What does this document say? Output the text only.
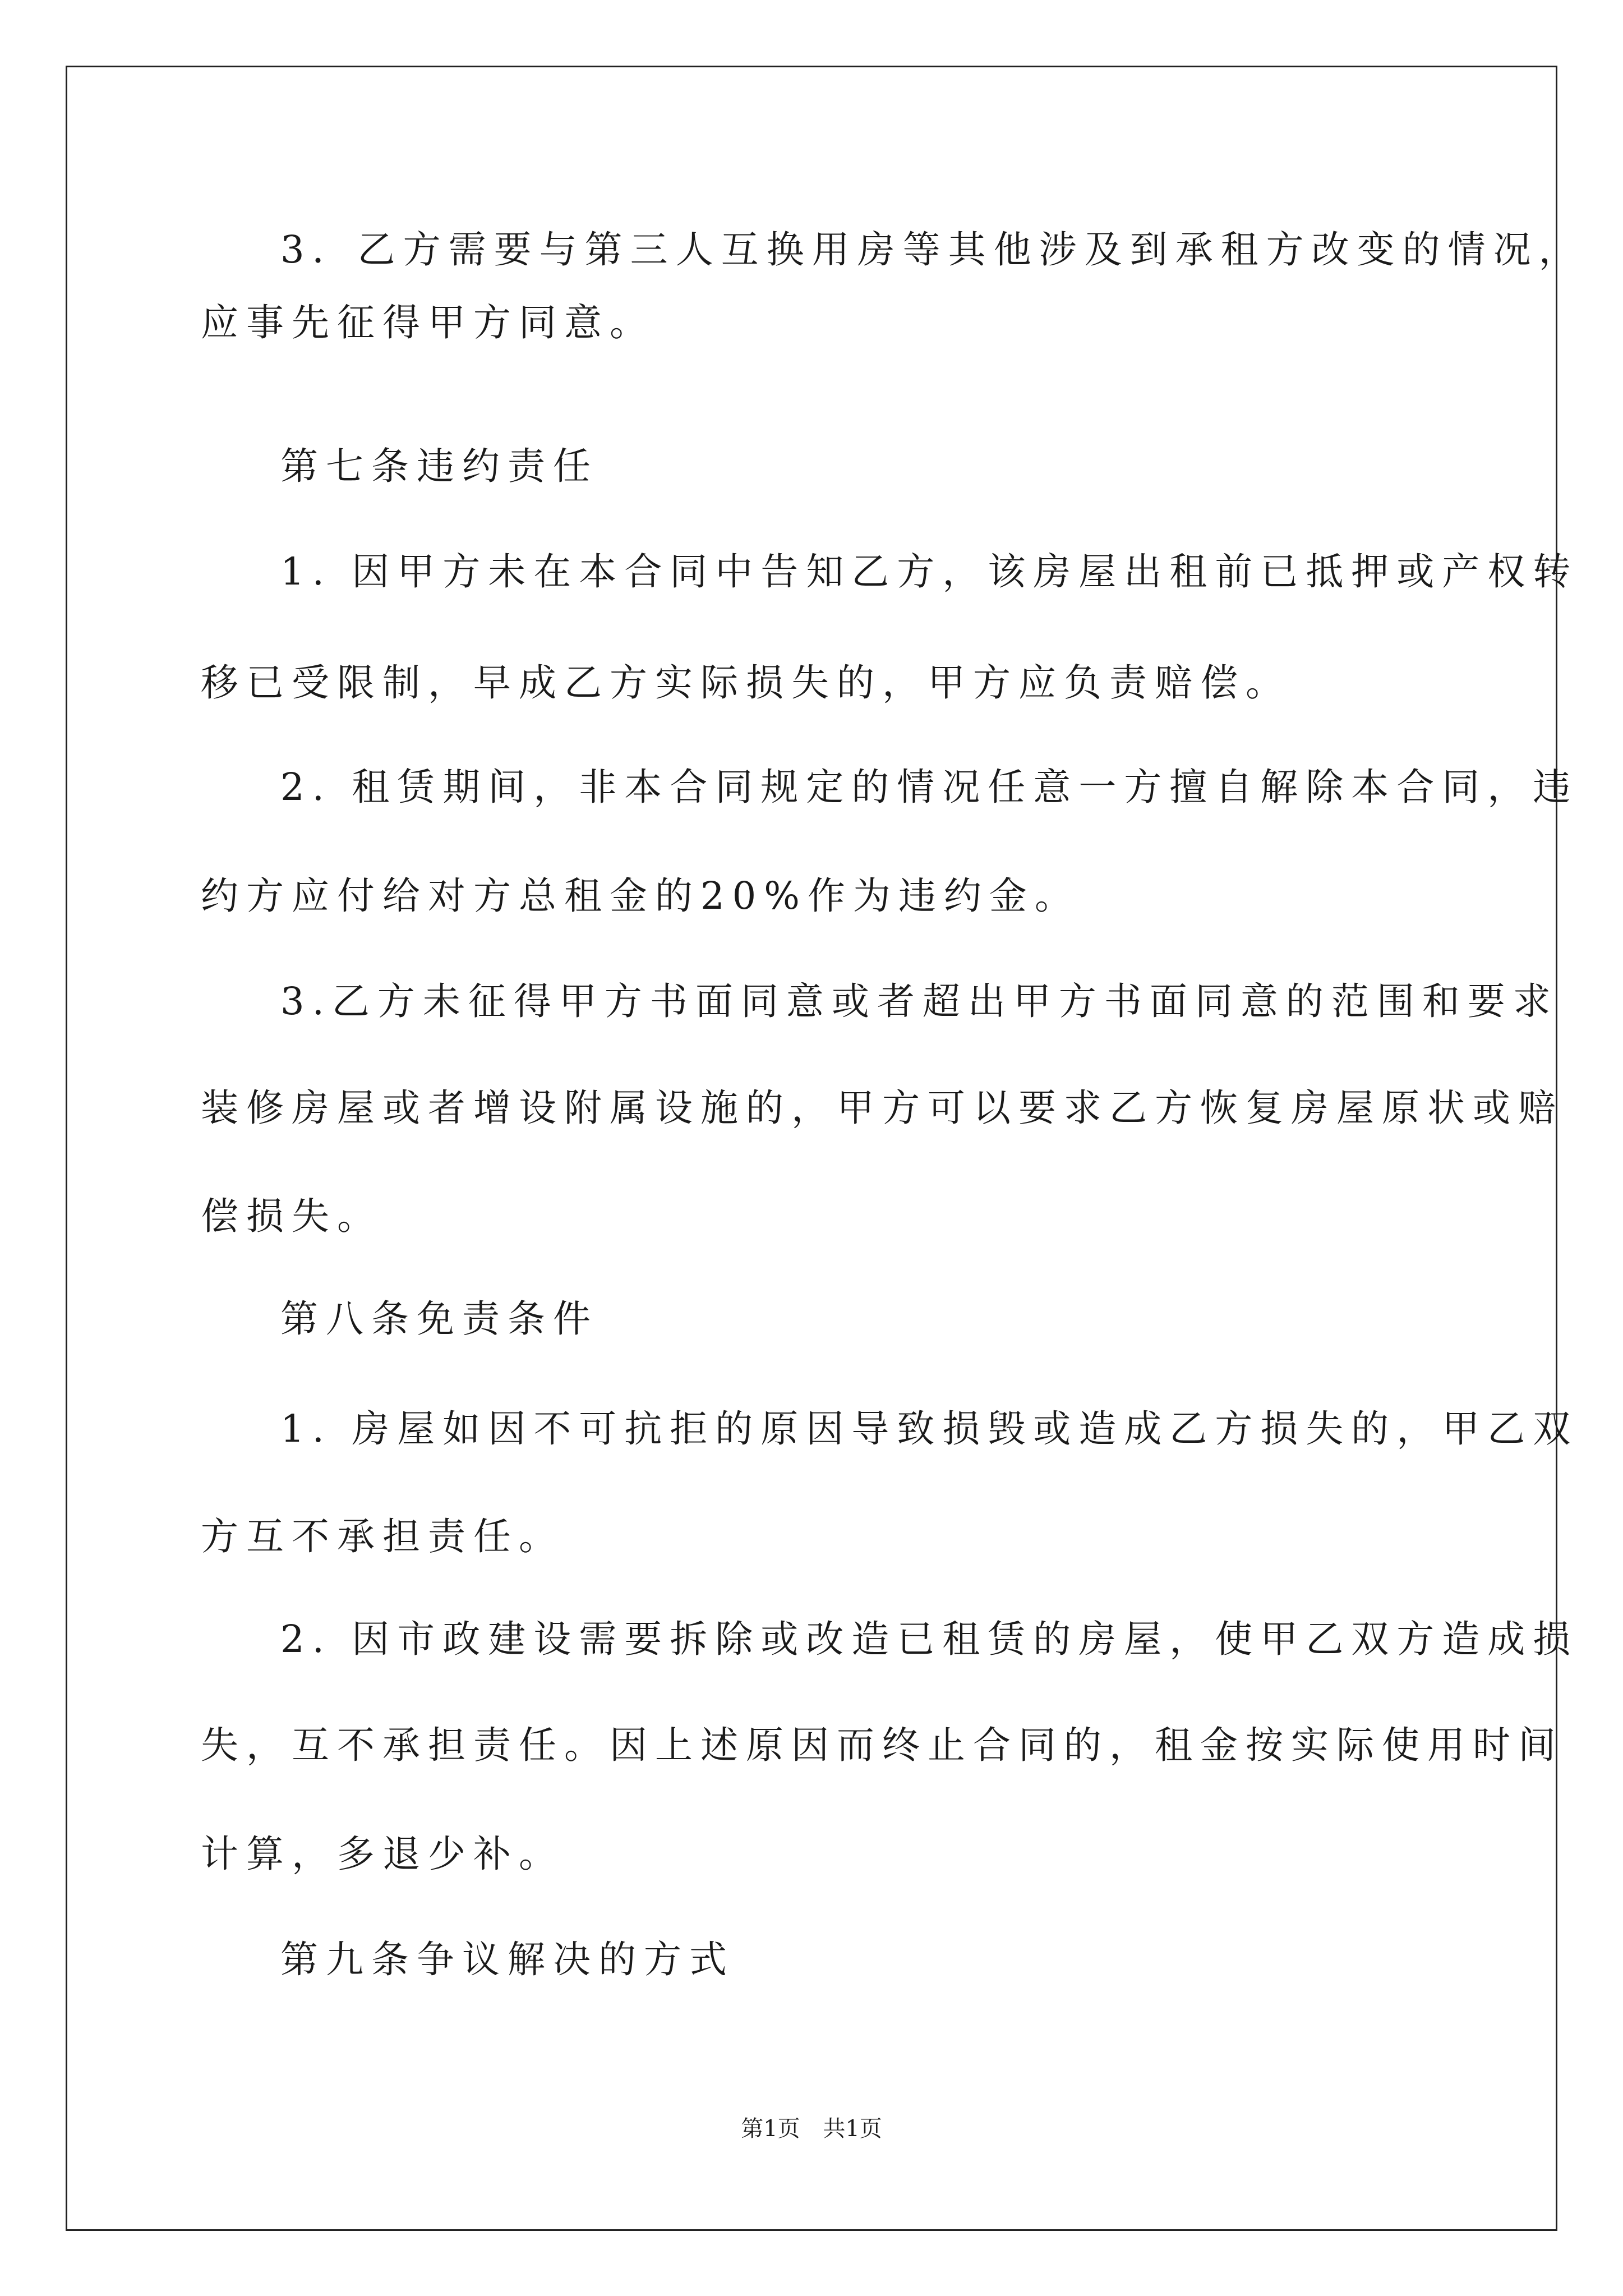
3．乙方需要与第三人互换用房等其他涉及到承租方改变的情况，

应事先征得甲方同意。

第七条违约责任

1. 因甲方未在本合同中告知乙方，该房屋出租前已抵押或产权转

移已受限制，早成乙方实际损失的，甲方应负责赔偿。

2. 租赁期间，非本合同规定的情况任意一方擅自解除本合同，违

约方应付给对方总租金的20%作为违约金。

3.乙方未征得甲方书面同意或者超出甲方书面同意的范围和要求

装修房屋或者增设附属设施的，甲方可以要求乙方恢复房屋原状或赔

偿损失。

第八条免责条件

1. 房屋如因不可抗拒的原因导致损毁或造成乙方损失的，甲乙双

方互不承担责任。

2. 因市政建设需要拆除或改造已租赁的房屋，使甲乙双方造成损

失，互不承担责任。因上述原因而终止合同的，租金按实际使用时间

计算，多退少补。

第九条争议解决的方式

第1页 共1页
